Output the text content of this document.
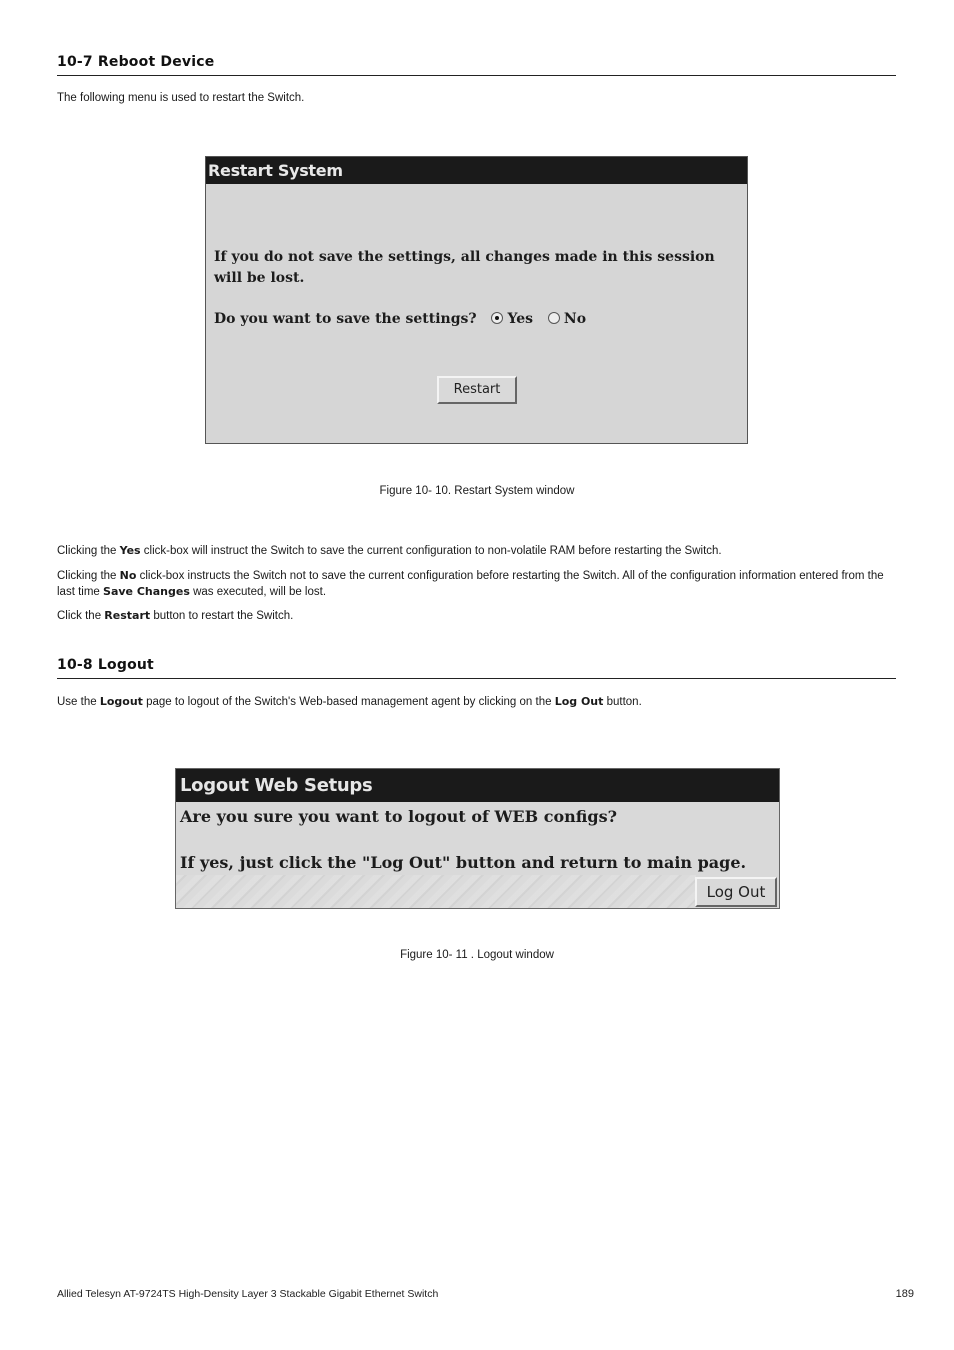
10-7 Reboot Device
The following menu is used to restart the Switch.
Restart System
If you do not save the settings, all changes made in this session will be lost.
Do you want to save the settings? Yes No
Restart
Figure 10- 10. Restart System window
Clicking the Yes click-box will instruct the Switch to save the current configuration to non-volatile RAM before restarting the Switch.
Clicking the No click-box instructs the Switch not to save the current configuration before restarting the Switch. All of the configuration information entered from the last time Save Changes was executed, will be lost.
Click the Restart button to restart the Switch.
10-8 Logout
Use the Logout page to logout of the Switch's Web-based management agent by clicking on the Log Out button.
Logout Web Setups
Are you sure you want to logout of WEB configs?
If yes, just click the "Log Out" button and return to main page.
Log Out
Figure 10- 11 . Logout window
Allied Telesyn AT-9724TS High-Density Layer 3 Stackable Gigabit Ethernet Switch	189
